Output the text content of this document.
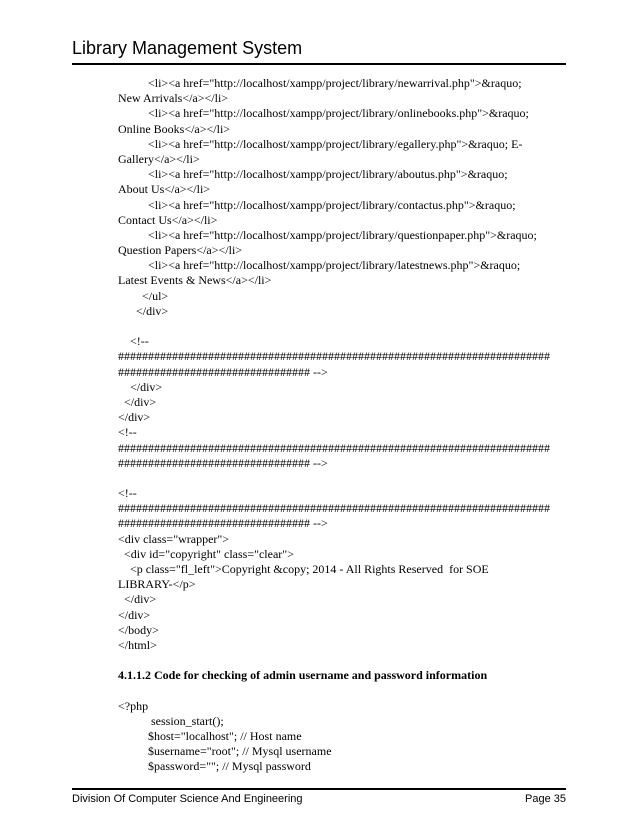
Library Management System
<li><a href="http://localhost/xampp/project/library/newarrival.php">&raquo;
New Arrivals</a></li>
<li><a href="http://localhost/xampp/project/library/onlinebooks.php">&raquo;
Online Books</a></li>
<li><a href="http://localhost/xampp/project/library/egallery.php">&raquo; E-
Gallery</a></li>
<li><a href="http://localhost/xampp/project/library/aboutus.php">&raquo;
About Us</a></li>
<li><a href="http://localhost/xampp/project/library/contactus.php">&raquo;
Contact Us</a></li>
<li><a href="http://localhost/xampp/project/library/questionpaper.php">&raquo;
Question Papers</a></li>
<li><a href="http://localhost/xampp/project/library/latestnews.php">&raquo;
Latest Events & News</a></li>
</ul>
</div>
<!--
########################################################################
################################ -->
</div>
</div>
</div>
<!--
########################################################################
################################ -->
<!--
########################################################################
################################ -->
<div class="wrapper">
<div id="copyright" class="clear">
<p class="fl_left">Copyright &copy; 2014 - All Rights Reserved  for SOE
LIBRARY-</p>
</div>
</div>
</body>
</html>
4.1.1.2 Code for checking of admin username and password information
<?php
session_start();
$host="localhost"; // Host name
$username="root"; // Mysql username
$password=""; // Mysql password
Division Of Computer Science And Engineering	Page 35
